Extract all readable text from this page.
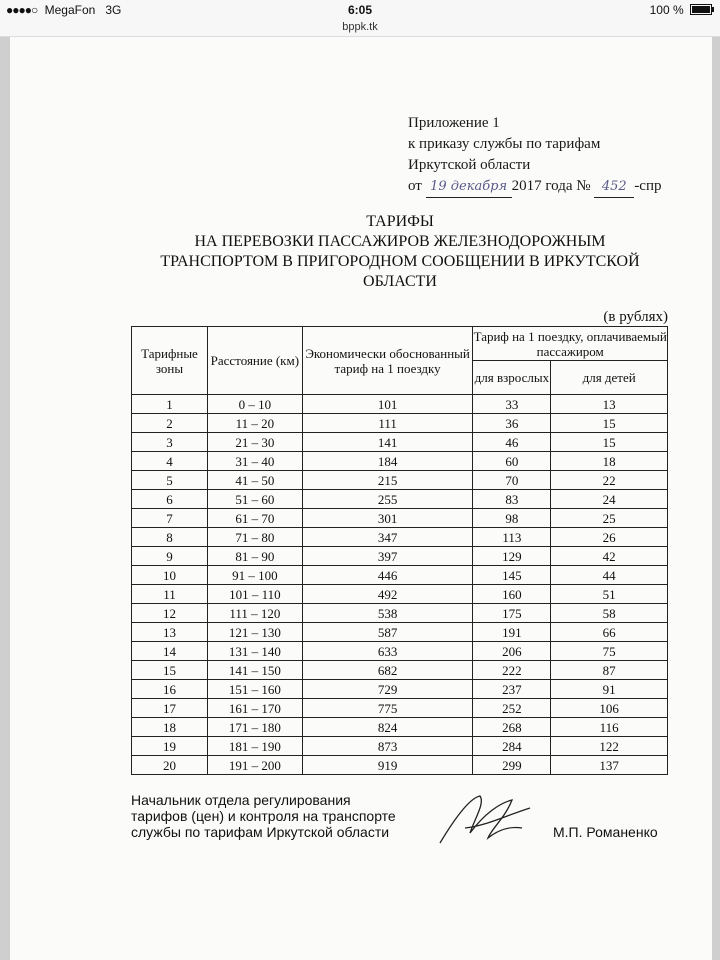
●●●●○ MegaFon 3G	6:05	100 %
bppk.tk
Приложение 1
к приказу службы по тарифам
Иркутской области
от 19 декабря 2017 года № 452 -спр
ТАРИФЫ
НА ПЕРЕВОЗКИ ПАССАЖИРОВ ЖЕЛЕЗНОДОРОЖНЫМ
ТРАНСПОРТОМ В ПРИГОРОДНОМ СООБЩЕНИИ В ИРКУТСКОЙ
ОБЛАСТИ
(в рублях)
Тарифные зоны	Расстояние (км)	Экономически обоснованный тариф на 1 поездку	Тариф на 1 поездку, оплачиваемый пассажиром	
			для взрослых	для детей
1	0 – 10	101	33	13
2	11 – 20	111	36	15
3	21 – 30	141	46	15
4	31 – 40	184	60	18
5	41 – 50	215	70	22
6	51 – 60	255	83	24
7	61 – 70	301	98	25
8	71 – 80	347	113	26
9	81 – 90	397	129	42
10	91 – 100	446	145	44
11	101 – 110	492	160	51
12	111 – 120	538	175	58
13	121 – 130	587	191	66
14	131 – 140	633	206	75
15	141 – 150	682	222	87
16	151 – 160	729	237	91
17	161 – 170	775	252	106
18	171 – 180	824	268	116
19	181 – 190	873	284	122
20	191 – 200	919	299	137
Начальник отдела регулирования
тарифов (цен) и контроля на транспорте
службы по тарифам Иркутской области	М.П. Романенко
